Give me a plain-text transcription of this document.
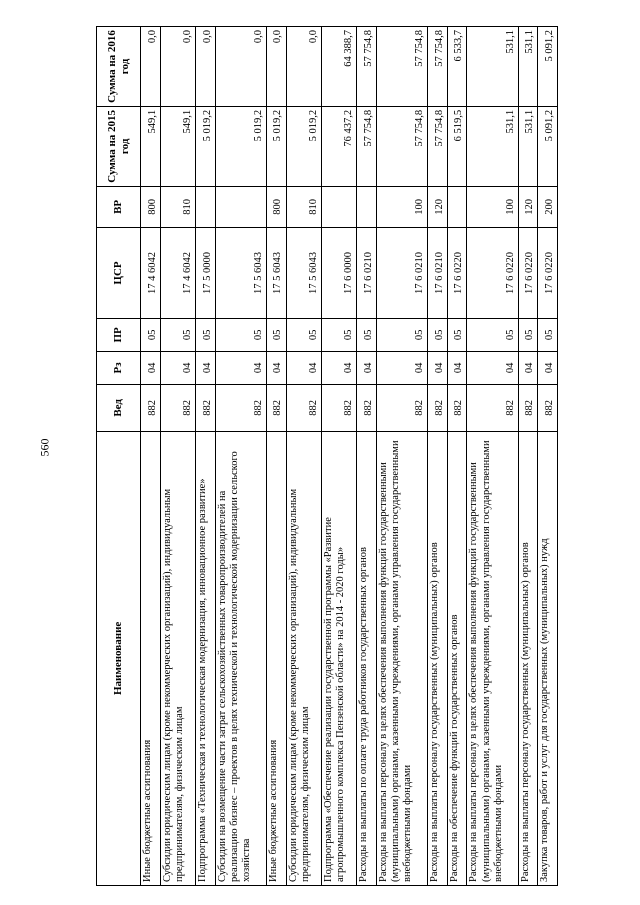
560
Наименование	Вед	Рз	ПР	ЦСР	ВР	Сумма на 2015 год	Сумма на 2016 год
Иные бюджетные ассигнования	882	04	05	17 4 6042	800	549,1	0,0
Субсидии юридическим лицам (кроме некоммерческих организаций), индивидуальным предпринимателям, физическим лицам	882	04	05	17 4 6042	810	549,1	0,0
Подпрограмма «Техническая и технологическая модернизация, инновационное развитие»	882	04	05	17 5 0000		5 019,2	0,0
Субсидии на возмещение части затрат сельскохозяйственных товаропроизводителей на реализацию бизнес – проектов в целях технической и технологической модернизации сельского хозяйства	882	04	05	17 5 6043		5 019,2	0,0
Иные бюджетные ассигнования	882	04	05	17 5 6043	800	5 019,2	0,0
Субсидии юридическим лицам (кроме некоммерческих организаций), индивидуальным предпринимателям, физическим лицам	882	04	05	17 5 6043	810	5 019,2	0,0
Подпрограмма «Обеспечение реализации государственной программы «Развитие агропромышленного комплекса Пензенской области» на 2014 - 2020 годы»	882	04	05	17 6 0000		76 437,2	64 388,7
Расходы на выплаты по оплате труда работников государственных органов	882	04	05	17 6 0210		57 754,8	57 754,8
Расходы на выплаты персоналу в целях обеспечения выполнения функций государственными (муниципальными) органами, казенными учреждениями, органами управления государственными внебюджетными фондами	882	04	05	17 6 0210	100	57 754,8	57 754,8
Расходы на выплаты персоналу государственных (муниципальных) органов	882	04	05	17 6 0210	120	57 754,8	57 754,8
Расходы на обеспечение функций государственных органов	882	04	05	17 6 0220		6 519,5	6 533,7
Расходы на выплаты персоналу в целях обеспечения выполнения функций государственными (муниципальными) органами, казенными учреждениями, органами управления государственными внебюджетными фондами	882	04	05	17 6 0220	100	531,1	531,1
Расходы на выплаты персоналу государственных (муниципальных) органов	882	04	05	17 6 0220	120	531,1	531,1
Закупка товаров, работ и услуг для государственных (муниципальных) нужд	882	04	05	17 6 0220	200	5 091,2	5 091,2
